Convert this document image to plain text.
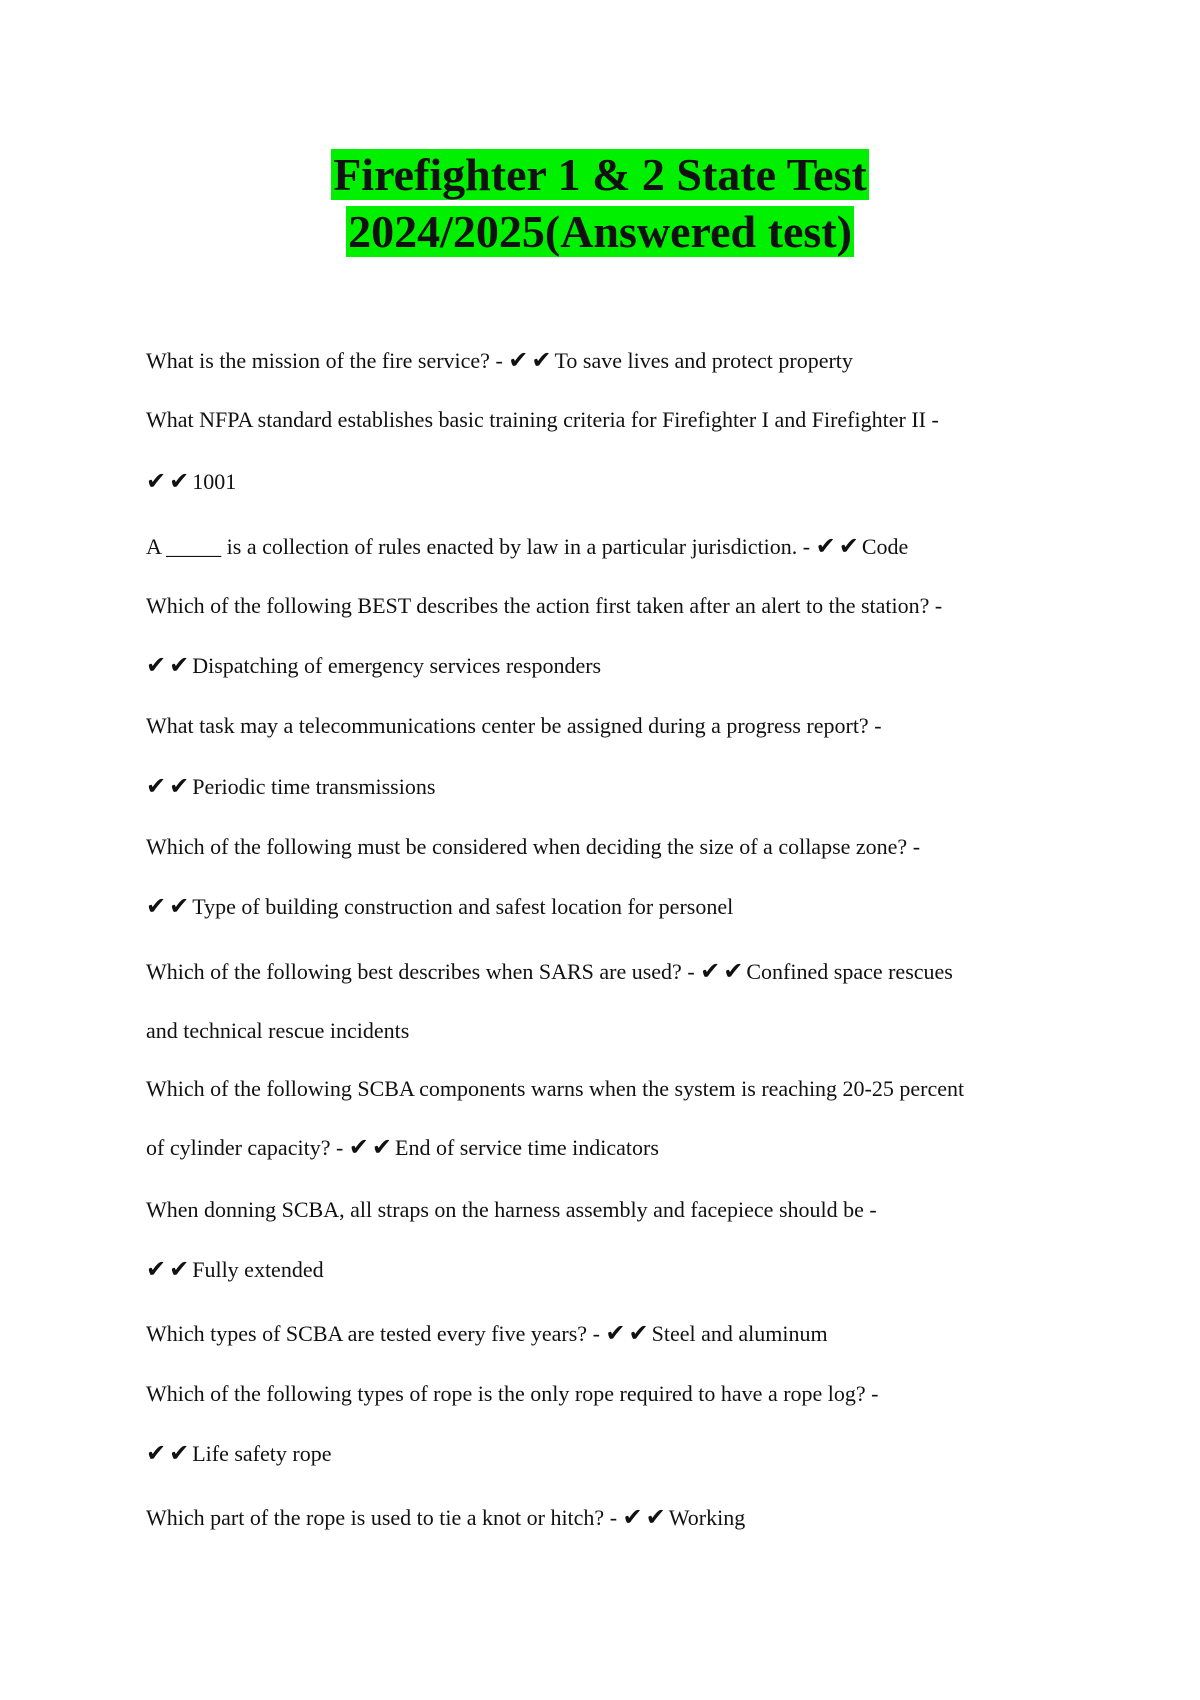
Firefighter 1 & 2 State Test
2024/2025(Answered test)
What is the mission of the fire service? - ✔ ✔ To save lives and protect property
What NFPA standard establishes basic training criteria for Firefighter I and Firefighter II -
✔ ✔ 1001
A _____ is a collection of rules enacted by law in a particular jurisdiction. - ✔ ✔ Code
Which of the following BEST describes the action first taken after an alert to the station? -
✔ ✔ Dispatching of emergency services responders
What task may a telecommunications center be assigned during a progress report? -
✔ ✔ Periodic time transmissions
Which of the following must be considered when deciding the size of a collapse zone? -
✔ ✔ Type of building construction and safest location for personel
Which of the following best describes when SARS are used? - ✔ ✔ Confined space rescues
and technical rescue incidents
Which of the following SCBA components warns when the system is reaching 20-25 percent
of cylinder capacity? - ✔ ✔ End of service time indicators
When donning SCBA, all straps on the harness assembly and facepiece should be -
✔ ✔ Fully extended
Which types of SCBA are tested every five years? - ✔ ✔ Steel and aluminum
Which of the following types of rope is the only rope required to have a rope log? -
✔ ✔ Life safety rope
Which part of the rope is used to tie a knot or hitch? - ✔ ✔ Working
